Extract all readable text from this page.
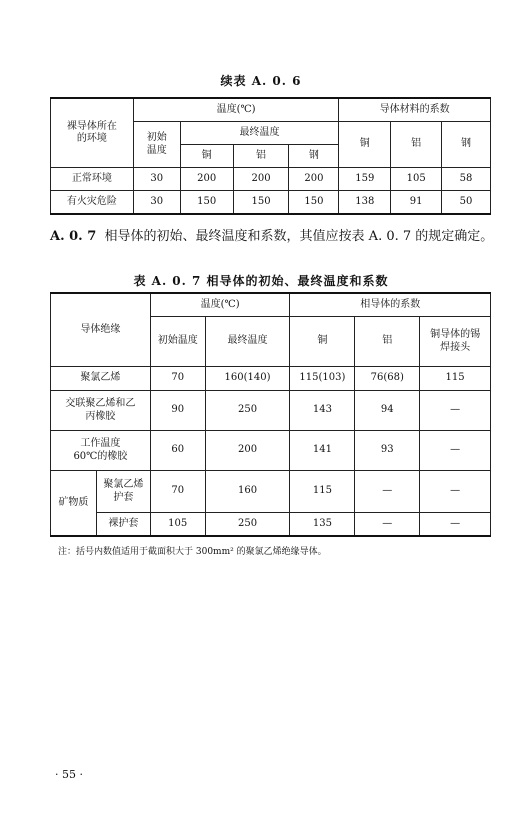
续表 A. 0. 6
裸导体所在的环境	温度(℃)				导体材料的系数		
	初始温度	最终温度			铜	铝	钢
		铜	铝	钢			
正常环境	30	200	200	200	159	105	58
有火灾危险	30	150	150	150	138	91	50
A. 0. 7 相导体的初始、最终温度和系数，其值应按表 A. 0. 7 的规定确定。
表 A. 0. 7 相导体的初始、最终温度和系数
导体绝缘		温度(℃)		相导体的系数		
		初始温度	最终温度	铜	铝	铜导体的锡焊接头
聚氯乙烯		70	160(140)	115(103)	76(68)	115
交联聚乙烯和乙丙橡胶		90	250	143	94	—
工作温度 60℃的橡胶		60	200	141	93	—
矿物质	聚氯乙烯护套	70	160	115	—	—
	裸护套	105	250	135	—	—
注：括号内数值适用于截面积大于 300mm² 的聚氯乙烯绝缘导体。
· 55 ·
